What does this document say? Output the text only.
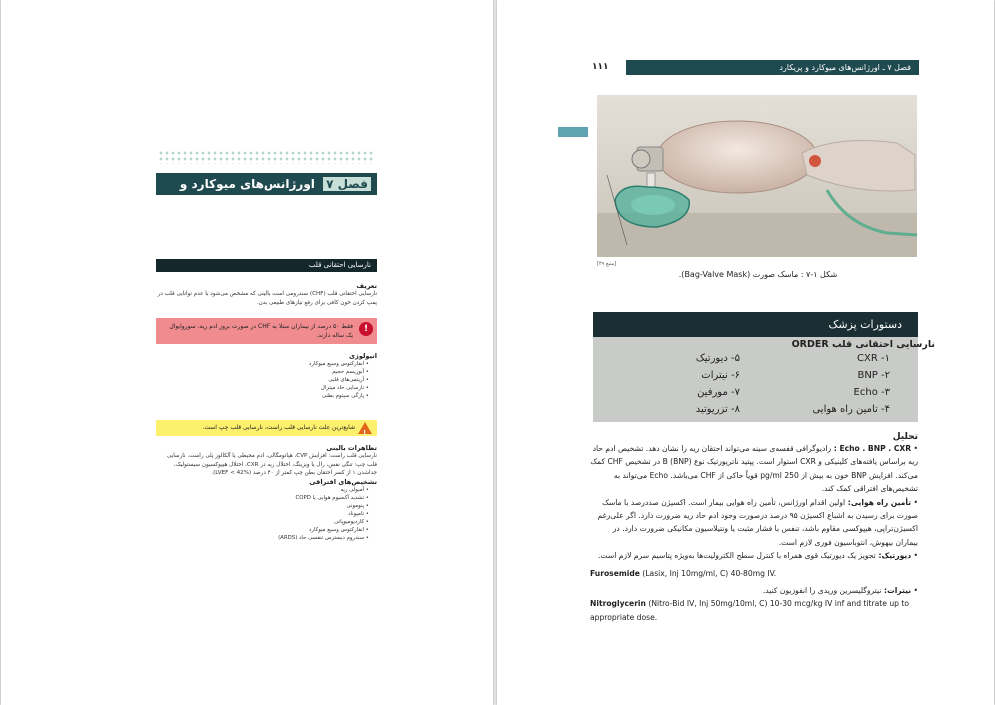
فصل ۷ اورژانس‌های میوکارد و پریکارد
نارسایی احتقانی قلب
تعریف
نارسایی احتقانی قلب (CHF) سندرومی است بالینی که مشخص می‌شود با عدم توانایی قلب در پمپ کردن خون کافی برای رفع نیازهای طبیعی بدن.
!
فقط ۵۰ درصد از بیماران مبتلا به CHF در صورت بروز ادم ریه، سوروایوال یک ساله دارند.
اتیولوژی
• انفارکتوس وسیع میوکارد
• آنوریسم حجیم
• آریتمی‌های قلبی
• نارسایی حاد میترال
• پارگی سپتوم بطنی
!
شایع‌ترین علت نارسایی قلب راست، نارسایی قلب چپ است.
تظاهرات بالینی
نارسایی قلب راست: افزایش CVP، هپاتومگالی، ادم محیطی یا آلکالوز پلی راست. نارسایی قلب چپ: تنگی نفس، رال یا ویزینگ، اختلال ریه در CXR، اختلال هیپوکسیون سیستولیک، جداشدن ۱ از کسر احتقان بطن چپ کمتر از ۴۰ درصد (LVEF < 42%).
تشخیص‌های افتراقی
• آمبولی ریه
• تشدید آکسیوم هوایی یا COPD
• پنومونی
• تامپوناد
• کاردیومیوپاتی
• انفارکتوس وسیع میوکارد
• سندروم دیسترس تنفسی حاد (ARDS)
فصل ۷ ـ اورژانس‌های میوکارد و پریکارد
۱۱۱
[منبع ۴۹]
شکل ۱-۷ : ماسک صورت (Bag-Valve Mask).
دستورات پزشک
ORDER نارسایی احتقانی قلب
۱- CXR
۲- BNP
۳- Echo
۴- تامین راه هوایی
۵- دیورتیک
۶- نیترات
۷- مورفین
۸- تزریوتید
تحلیل
• Echo . BNP . CXR : رادیوگرافی قفسه‌ی سینه می‌تواند احتقان ریه را نشان دهد. تشخیص ادم حاد ریه براساس یافته‌های کلینیکی و CXR استوار است. پپتید ناتریورتیک نوع B (BNP) در تشخیص CHF کمک می‌کند. افزایش BNP خون به بیش از 250 pg/ml قویاً حاکی از CHF می‌باشد. Echo می‌تواند به تشخیص‌های افتراقی کمک کند.
• تأمین راه هوایی: اولین اقدام اورژانس، تأمین راه هوایی بیمار است. اکسیژن صددرصد با ماسک صورت برای رسیدن به اشباع اکسیژن ۹۵ درصد درصورت وجود ادم حاد ریه ضرورت دارد. اگر علی‌رغم اکسیژن‌تراپی، هیپوکسی مقاوم باشد، تنفس با فشار مثبت یا ونتیلاسیون مکانیکی ضرورت دارد. در بیماران بیهوش، انتوباسیون فوری لازم است.
• دیورتیک: تجویز یک دیورتیک قوی همراه با کنترل سطح الکترولیت‌ها به‌ویژه پتاسیم سرم لازم است.
Furosemide (Lasix, Inj 10mg/ml, C) 40-80mg IV.
• نیترات: نیتروگلیسرین وریدی را انفوزیون کنید.
Nitroglycerin (Nitro-Bid IV, Inj 50mg/10ml, C) 10-30 mcg/kg IV inf and titrate up to appropriate dose.
